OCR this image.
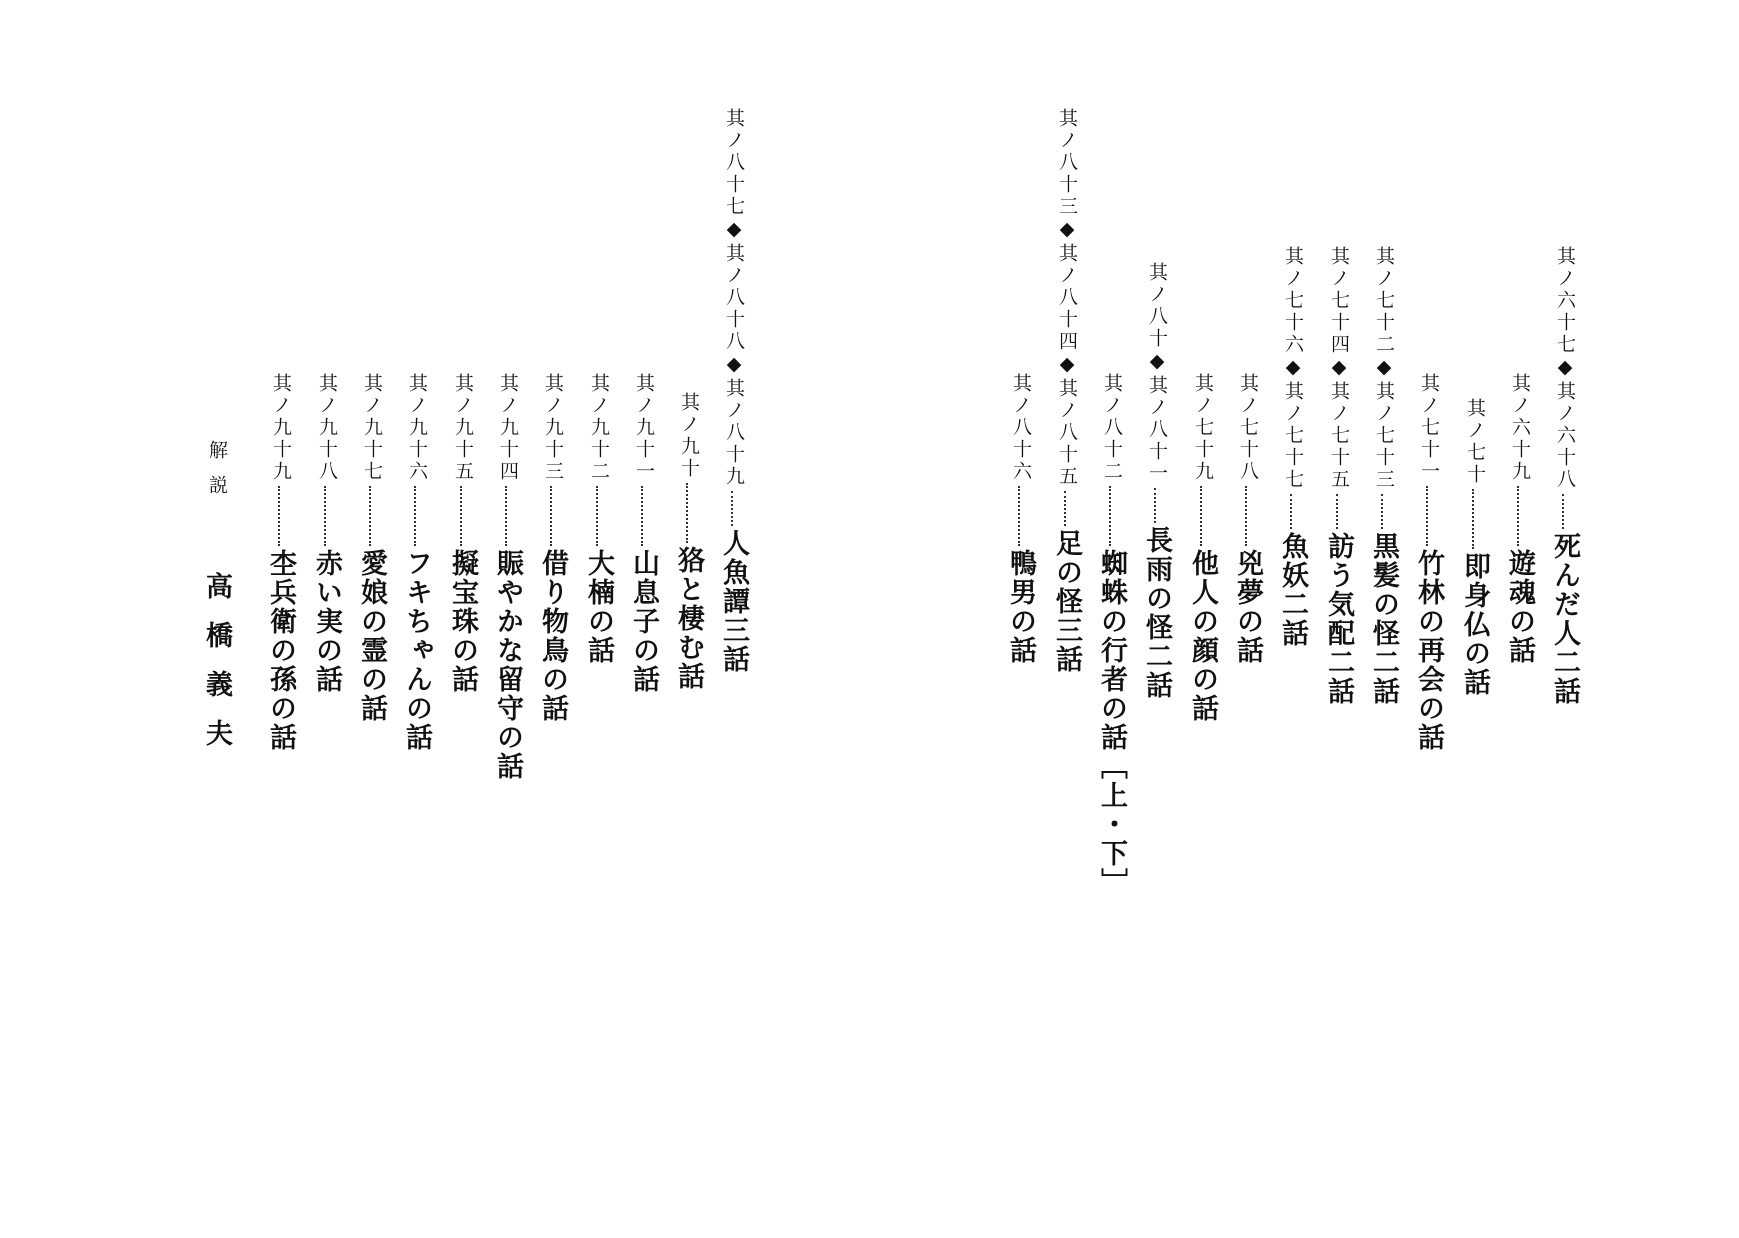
其ノ六十七◆其ノ六十八
死んだ人二話
其ノ六十九
遊魂の話
其ノ七十
即身仏の話
其ノ七十一
竹林の再会の話
其ノ七十二◆其ノ七十三
黒髪の怪二話
其ノ七十四◆其ノ七十五
訪う気配二話
其ノ七十六◆其ノ七十七
魚妖二話
其ノ七十八
兇夢の話
其ノ七十九
他人の顔の話
其ノ八十◆其ノ八十一
長雨の怪二話
其ノ八十二
蜘蛛の行者の話［上・下］
其ノ八十三◆其ノ八十四◆其ノ八十五
足の怪三話
其ノ八十六
鴨男の話
其ノ八十七◆其ノ八十八◆其ノ八十九
人魚譚三話
其ノ九十
狢と棲む話
其ノ九十一
山息子の話
其ノ九十二
大楠の話
其ノ九十三
借り物鳥の話
其ノ九十四
賑やかな留守の話
其ノ九十五
擬宝珠の話
其ノ九十六
フキちゃんの話
其ノ九十七
愛娘の霊の話
其ノ九十八
赤い実の話
其ノ九十九
杢兵衛の孫の話
解説
高橋義夫
